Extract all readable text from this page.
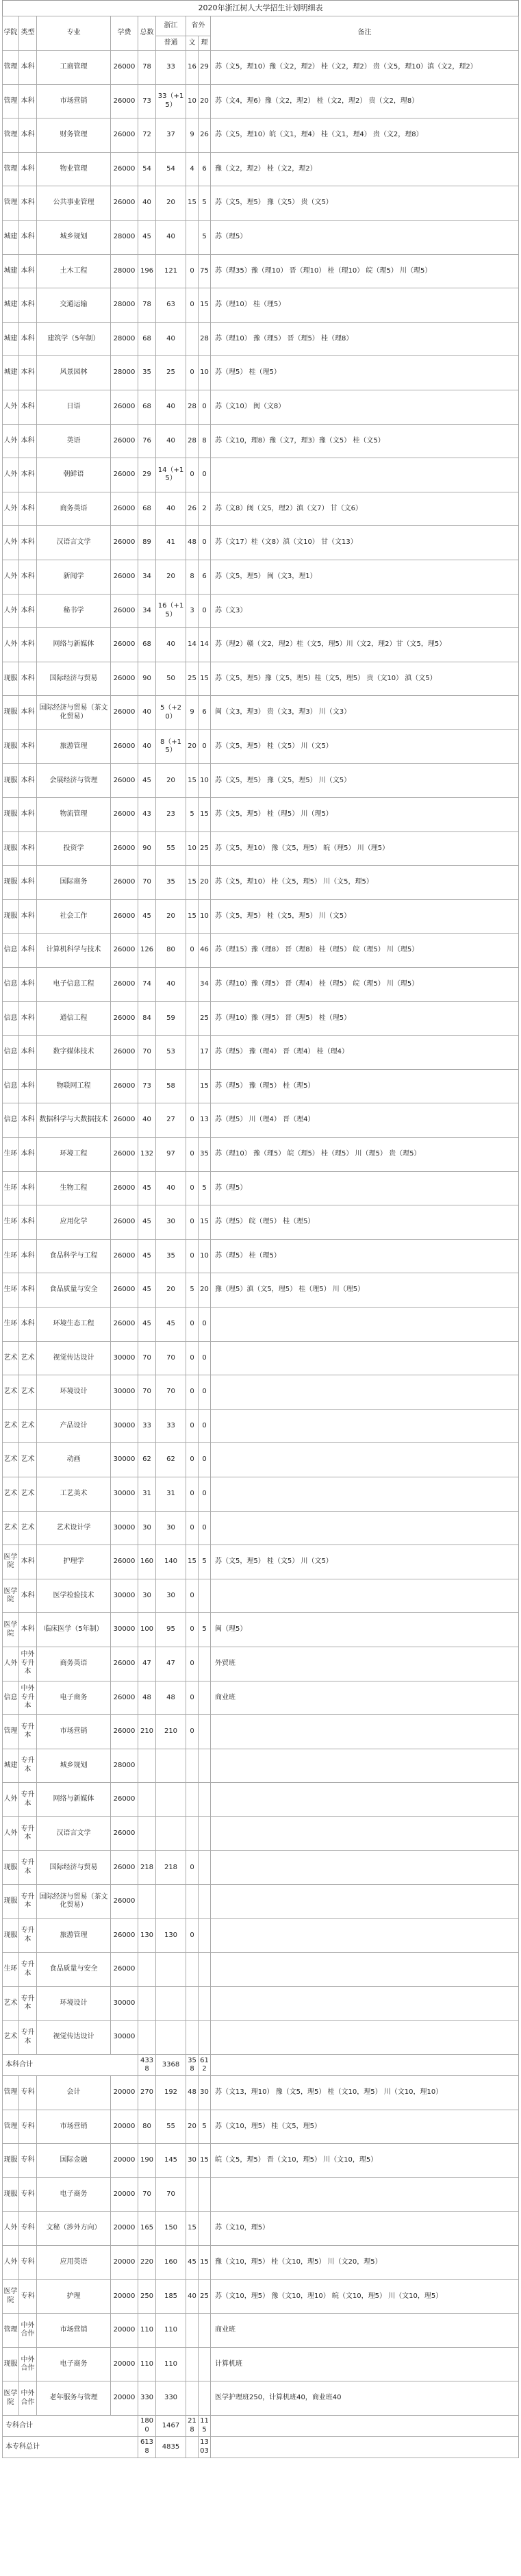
2020年浙江树人大学招生计划明细表
学院	类型	专业	学费	总数	浙江	省外		备注
					普通	文	理	
管理	本科	工商管理	26000	78	33	16	29	苏（文5，理10）豫（文2，理2） 桂（文2，理2） 贵（文5，理10）滇（文2，理2）
管理	本科	市场营销	26000	73	33（+15）	10	20	苏（文4，理6）豫（文2，理2） 桂（文2，理2） 贵（文2，理8）
管理	本科	财务管理	26000	72	37	9	26	苏（文5，理10）皖（文1，理4） 桂（文1，理4） 贵（文2，理8）
管理	本科	物业管理	26000	54	54	4	6	豫（文2，理2） 桂（文2，理2）
管理	本科	公共事业管理	26000	40	20	15	5	苏（文5，理5） 豫（文5） 贵（文5）
城建	本科	城乡规划	28000	45	40		5	苏（理5）
城建	本科	土木工程	28000	196	121	0	75	苏（理35）豫（理10） 晋（理10） 桂（理10） 皖（理5） 川（理5）
城建	本科	交通运输	28000	78	63	0	15	苏（理10） 桂（理5）
城建	本科	建筑学（5年制）	28000	68	40		28	苏（理10） 豫（理5） 晋（理5） 桂（理8）
城建	本科	风景园林	28000	35	25	0	10	苏（理5） 桂（理5）
人外	本科	日语	26000	68	40	28	0	苏（文10） 闽（文8）
人外	本科	英语	26000	76	40	28	8	苏（文10，理8）豫（文7，理3）豫（文5） 桂（文5）
人外	本科	朝鲜语	26000	29	14（+15）	0	0	
人外	本科	商务英语	26000	68	40	26	2	苏（文8）闽（文5，理2）滇（文7） 甘（文6）
人外	本科	汉语言文学	26000	89	41	48	0	苏（文17）桂（文8）滇（文10） 甘（文13）
人外	本科	新闻学	26000	34	20	8	6	苏（文5，理5） 闽（文3，理1）
人外	本科	秘书学	26000	34	16（+15）	3	0	苏（文3）
人外	本科	网络与新媒体	26000	68	40	14	14	苏（理2）赣（文2，理2）桂（文5，理5）川（文2，理2）甘（文5，理5）
现服	本科	国际经济与贸易	26000	90	50	25	15	苏（文5，理5）豫（文5，理5）桂（文5，理5） 贵（文10） 滇（文5）
现服	本科	国际经济与贸易（茶文化贸易）	26000	40	5（+20）	9	6	闽（文3，理3） 贵（文3，理3） 川（文3）
现服	本科	旅游管理	26000	40	8（+15）	20	0	苏（文5，理5） 桂（文5） 川（文5）
现服	本科	会展经济与管理	26000	45	20	15	10	苏（文5，理5） 豫（文5，理5） 川（文5）
现服	本科	物流管理	26000	43	23	5	15	苏（文5，理5） 桂（理5） 川（理5）
现服	本科	投资学	26000	90	55	10	25	苏（文5，理10） 豫（文5，理5） 皖（理5） 川（理5）
现服	本科	国际商务	26000	70	35	15	20	苏（文5，理10） 桂（文5，理5） 川（文5，理5）
现服	本科	社会工作	26000	45	20	15	10	苏（文5，理5） 桂（文5，理5） 川（文5）
信息	本科	计算机科学与技术	26000	126	80	0	46	苏（理15）豫（理8） 晋（理8） 桂（理5） 皖（理5） 川（理5）
信息	本科	电子信息工程	26000	74	40		34	苏（理10）豫（理5） 晋（理4） 桂（理5） 皖（理5） 川（理5）
信息	本科	通信工程	26000	84	59		25	苏（理10）豫（理5） 晋（理5） 桂（理5）
信息	本科	数字媒体技术	26000	70	53		17	苏（理5） 豫（理4） 晋（理4） 桂（理4）
信息	本科	物联网工程	26000	73	58		15	苏（理5） 豫（理5） 桂（理5）
信息	本科	数据科学与大数据技术	26000	40	27	0	13	苏（理5） 川（理4） 晋（理4）
生环	本科	环境工程	26000	132	97	0	35	苏（理10） 豫（理5） 皖（理5） 桂（理5） 川（理5） 贵（理5）
生环	本科	生物工程	26000	45	40	0	5	苏（理5）
生环	本科	应用化学	26000	45	30	0	15	苏（理5） 皖（理5） 桂（理5）
生环	本科	食品科学与工程	26000	45	35	0	10	苏（理5） 桂（理5）
生环	本科	食品质量与安全	26000	45	20	5	20	豫（理5）滇（文5，理5） 桂（理5） 川（理5）
生环	本科	环境生态工程	26000	45	45	0	0	
艺术	艺术	视觉传达设计	30000	70	70	0	0	
艺术	艺术	环境设计	30000	70	70	0	0	
艺术	艺术	产品设计	30000	33	33	0	0	
艺术	艺术	动画	30000	62	62	0	0	
艺术	艺术	工艺美术	30000	31	31	0	0	
艺术	艺术	艺术设计学	30000	30	30	0	0	
医学院	本科	护理学	26000	160	140	15	5	苏（文5，理5） 桂（文5） 川（文5）
医学院	本科	医学检验技术	30000	30	30	0		
医学院	本科	临床医学（5年制）	30000	100	95	0	5	闽（理5）
人外	中外专升本	商务英语	26000	47	47	0		外贸班
信息	中外专升本	电子商务	26000	48	48	0		商业班
管理	专升本	市场营销	26000	210	210	0		
城建	专升本	城乡规划	28000					
人外	专升本	网络与新媒体	26000					
人外	专升本	汉语言文学	26000					
现服	专升本	国际经济与贸易	26000	218	218	0		
现服	专升本	国际经济与贸易（茶文化贸易）	26000					
现服	专升本	旅游管理	26000	130	130	0		
生环	专升本	食品质量与安全	26000					
艺术	专升本	环境设计	30000					
艺术	专升本	视觉传达设计	30000					
本科合计				4338	3368	358	612	
管理	专科	会计	20000	270	192	48	30	苏（文13，理10） 豫（文5，理5） 桂（文10，理5） 川（文10，理10）
管理	专科	市场营销	20000	80	55	20	5	苏（文10，理5） 桂（文5，理5）
现服	专科	国际金融	20000	190	145	30	15	皖（文5，理5） 晋（文10，理5） 川（文10，理5）
现服	专科	电子商务	20000	70	70			
人外	专科	文秘（涉外方向）	20000	165	150	15		苏（文10，理5）
人外	专科	应用英语	20000	220	160	45	15	豫（文10，理5） 桂（文10，理5） 川（文20，理5）
医学院	专科	护理	20000	250	185	40	25	苏（文10，理5） 豫（文10，理10） 皖（文10，理5） 川（文10，理5）
管理	中外合作	市场营销	20000	110	110			商业班
现服	中外合作	电子商务	20000	110	110			计算机班
医学院	中外合作	老年服务与管理	20000	330	330			医学护理班250，计算机班40，商业班40
专科合计				1800	1467	218	115	
本专科总计				6138	4835		1303	
